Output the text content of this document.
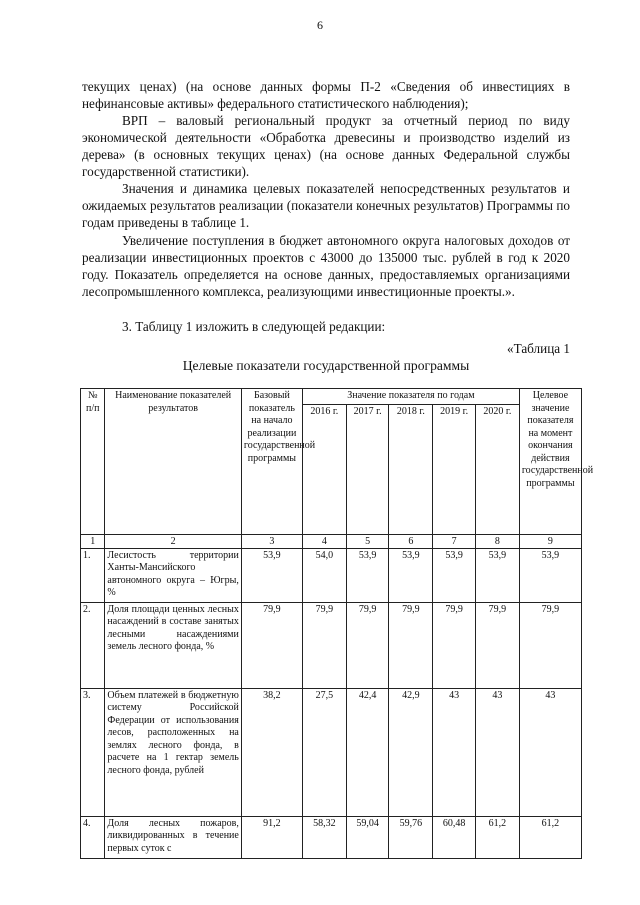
6
текущих ценах) (на основе данных формы П-2 «Сведения об инвестициях в нефинансовые активы» федерального статистического наблюдения);
ВРП – валовый региональный продукт за отчетный период по виду экономической деятельности «Обработка древесины и производство изделий из дерева» (в основных текущих ценах) (на основе данных Федеральной службы государственной статистики).
Значения и динамика целевых показателей непосредственных результатов и ожидаемых результатов реализации (показатели конечных результатов) Программы по годам приведены в таблице 1.
Увеличение поступления в бюджет автономного округа налоговых доходов от реализации инвестиционных проектов с 43000 до 135000 тыс. рублей в год к 2020 году. Показатель определяется на основе данных, предоставляемых организациями лесопромышленного комплекса, реализующими инвестиционные проекты.».
3. Таблицу 1 изложить в следующей редакции:
«Таблица 1
Целевые показатели государственной программы
№ п/п	Наименование показателей результатов	Базовый показатель на начало реализации государственной программы	Значение показателя по годам					Целевое значение показателя на момент окончания действия государственной программы
			2016 г.	2017 г.	2018 г.	2019 г.	2020 г.	
1	2	3	4	5	6	7	8	9
1.	Лесистость территории Ханты-Мансийского автономного округа – Югры, %	53,9	54,0	53,9	53,9	53,9	53,9	53,9
2.	Доля площади ценных лесных насаждений в составе занятых лесными насаждениями земель лесного фонда, %	79,9	79,9	79,9	79,9	79,9	79,9	79,9
3.	Объем платежей в бюджетную систему Российской Федерации от использования лесов, расположенных на землях лесного фонда, в расчете на 1 гектар земель лесного фонда, рублей	38,2	27,5	42,4	42,9	43	43	43
4.	Доля лесных пожаров, ликвидированных в течение первых суток с	91,2	58,32	59,04	59,76	60,48	61,2	61,2
